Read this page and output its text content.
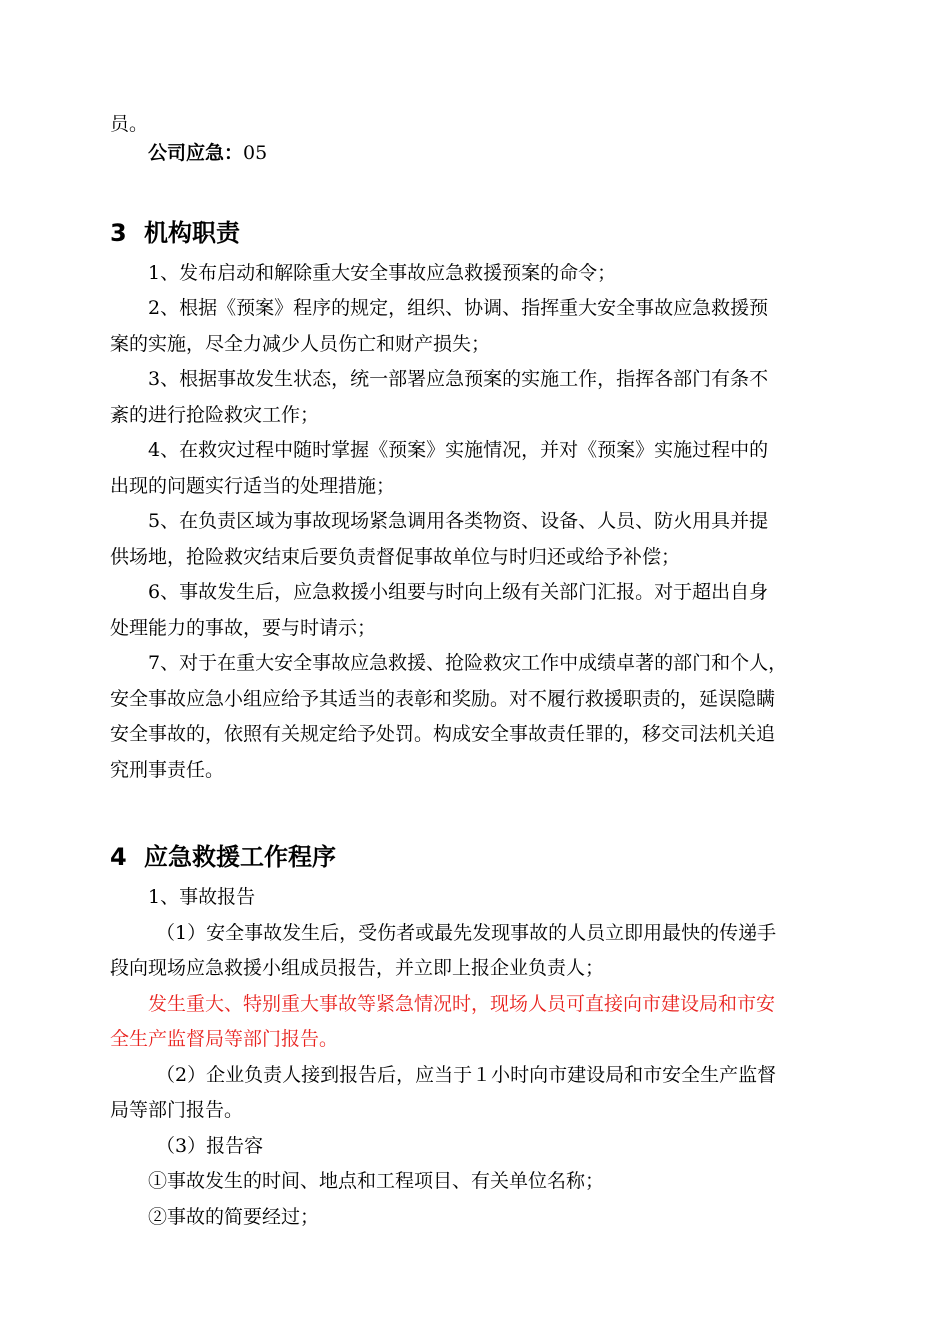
员。
公司应急：05
3 机构职责
1、发布启动和解除重大安全事故应急救援预案的命令；
2、根据《预案》程序的规定，组织、协调、指挥重大安全事故应急救援预
案的实施，尽全力减少人员伤亡和财产损失；
3、根据事故发生状态，统一部署应急预案的实施工作，指挥各部门有条不
紊的进行抢险救灾工作；
4、在救灾过程中随时掌握《预案》实施情况，并对《预案》实施过程中的
出现的问题实行适当的处理措施；
5、在负责区域为事故现场紧急调用各类物资、设备、人员、防火用具并提
供场地，抢险救灾结束后要负责督促事故单位与时归还或给予补偿；
6、事故发生后，应急救援小组要与时向上级有关部门汇报。对于超出自身
处理能力的事故，要与时请示；
7、对于在重大安全事故应急救援、抢险救灾工作中成绩卓著的部门和个人，
安全事故应急小组应给予其适当的表彰和奖励。对不履行救援职责的，延误隐瞒
安全事故的，依照有关规定给予处罚。构成安全事故责任罪的，移交司法机关追
究刑事责任。
4 应急救援工作程序
1、事故报告
（1）安全事故发生后，受伤者或最先发现事故的人员立即用最快的传递手
段向现场应急救援小组成员报告，并立即上报企业负责人；
发生重大、特别重大事故等紧急情况时，现场人员可直接向市建设局和市安
全生产监督局等部门报告。
（2）企业负责人接到报告后，应当于１小时向市建设局和市安全生产监督
局等部门报告。
（3）报告容
①事故发生的时间、地点和工程项目、有关单位名称；
②事故的简要经过；
